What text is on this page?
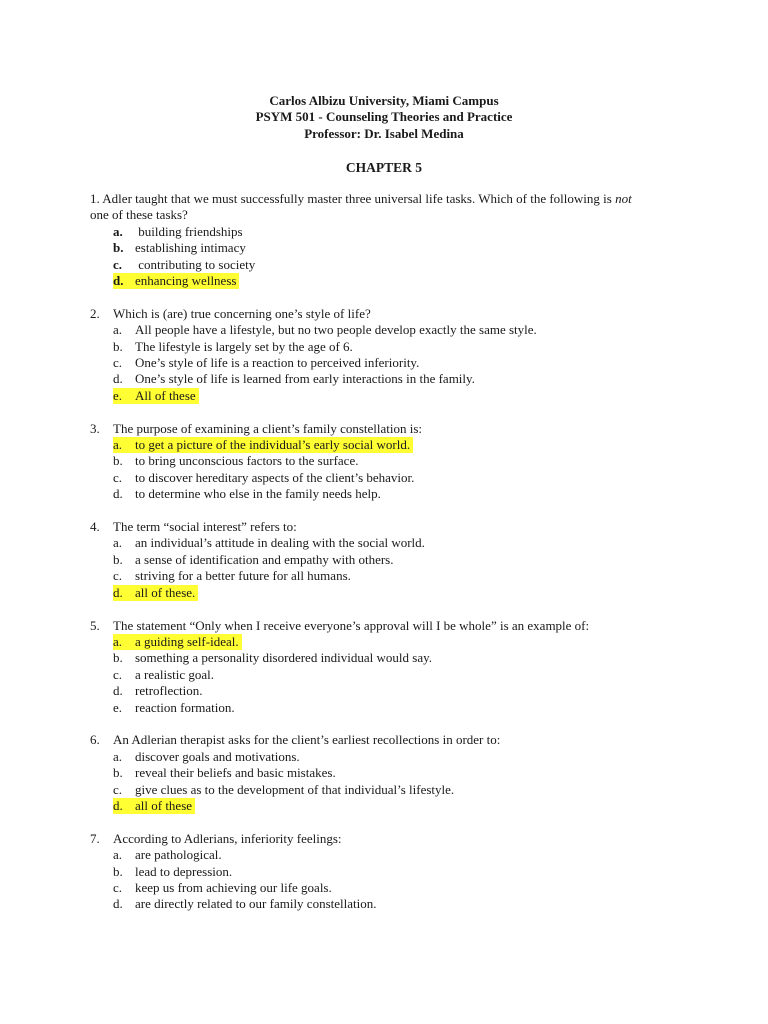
Carlos Albizu University, Miami Campus
PSYM 501 - Counseling Theories and Practice
Professor: Dr. Isabel Medina
CHAPTER 5
1. Adler taught that we must successfully master three universal life tasks. Which of the following is not
one of these tasks?
a. building friendships
b. establishing intimacy
c. contributing to society
d. enhancing wellness
2. Which is (are) true concerning one’s style of life?
a. All people have a lifestyle, but no two people develop exactly the same style.
b. The lifestyle is largely set by the age of 6.
c. One’s style of life is a reaction to perceived inferiority.
d. One’s style of life is learned from early interactions in the family.
e. All of these
3. The purpose of examining a client’s family constellation is:
a. to get a picture of the individual’s early social world.
b. to bring unconscious factors to the surface.
c. to discover hereditary aspects of the client’s behavior.
d. to determine who else in the family needs help.
4. The term “social interest” refers to:
a. an individual’s attitude in dealing with the social world.
b. a sense of identification and empathy with others.
c. striving for a better future for all humans.
d. all of these.
5. The statement “Only when I receive everyone’s approval will I be whole” is an example of:
a. a guiding self-ideal.
b. something a personality disordered individual would say.
c. a realistic goal.
d. retroflection.
e. reaction formation.
6. An Adlerian therapist asks for the client’s earliest recollections in order to:
a. discover goals and motivations.
b. reveal their beliefs and basic mistakes.
c. give clues as to the development of that individual’s lifestyle.
d. all of these
7. According to Adlerians, inferiority feelings:
a. are pathological.
b. lead to depression.
c. keep us from achieving our life goals.
d. are directly related to our family constellation.
